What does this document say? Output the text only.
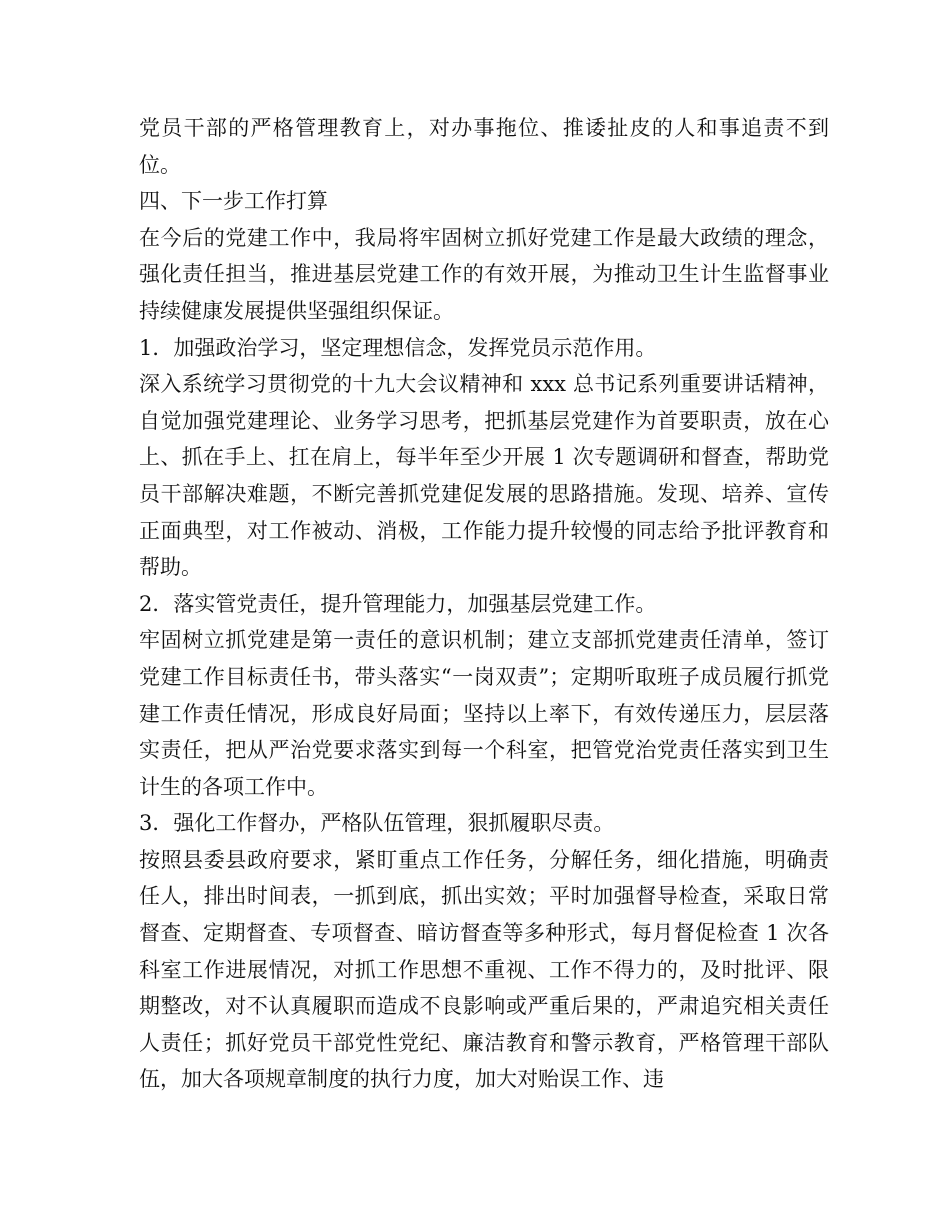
党员干部的严格管理教育上，对办事拖位、推诿扯皮的人和事追责不到位。

四、下一步工作打算

在今后的党建工作中，我局将牢固树立抓好党建工作是最大政绩的理念，强化责任担当，推进基层党建工作的有效开展，为推动卫生计生监督事业持续健康发展提供坚强组织保证。

1．加强政治学习，坚定理想信念，发挥党员示范作用。

深入系统学习贯彻党的十九大会议精神和 xxx 总书记系列重要讲话精神，自觉加强党建理论、业务学习思考，把抓基层党建作为首要职责，放在心上、抓在手上、扛在肩上，每半年至少开展 1 次专题调研和督查，帮助党员干部解决难题，不断完善抓党建促发展的思路措施。发现、培养、宣传正面典型，对工作被动、消极，工作能力提升较慢的同志给予批评教育和帮助。

2．落实管党责任，提升管理能力，加强基层党建工作。

牢固树立抓党建是第一责任的意识机制；建立支部抓党建责任清单，签订党建工作目标责任书，带头落实“一岗双责”；定期听取班子成员履行抓党建工作责任情况，形成良好局面；坚持以上率下，有效传递压力，层层落实责任，把从严治党要求落实到每一个科室，把管党治党责任落实到卫生计生的各项工作中。

3．强化工作督办，严格队伍管理，狠抓履职尽责。

按照县委县政府要求，紧盯重点工作任务，分解任务，细化措施，明确责任人，排出时间表，一抓到底，抓出实效；平时加强督导检查，采取日常督查、定期督查、专项督查、暗访督查等多种形式，每月督促检查 1 次各科室工作进展情况，对抓工作思想不重视、工作不得力的，及时批评、限期整改，对不认真履职而造成不良影响或严重后果的，严肃追究相关责任人责任；抓好党员干部党性党纪、廉洁教育和警示教育，严格管理干部队伍，加大各项规章制度的执行力度，加大对贻误工作、违
